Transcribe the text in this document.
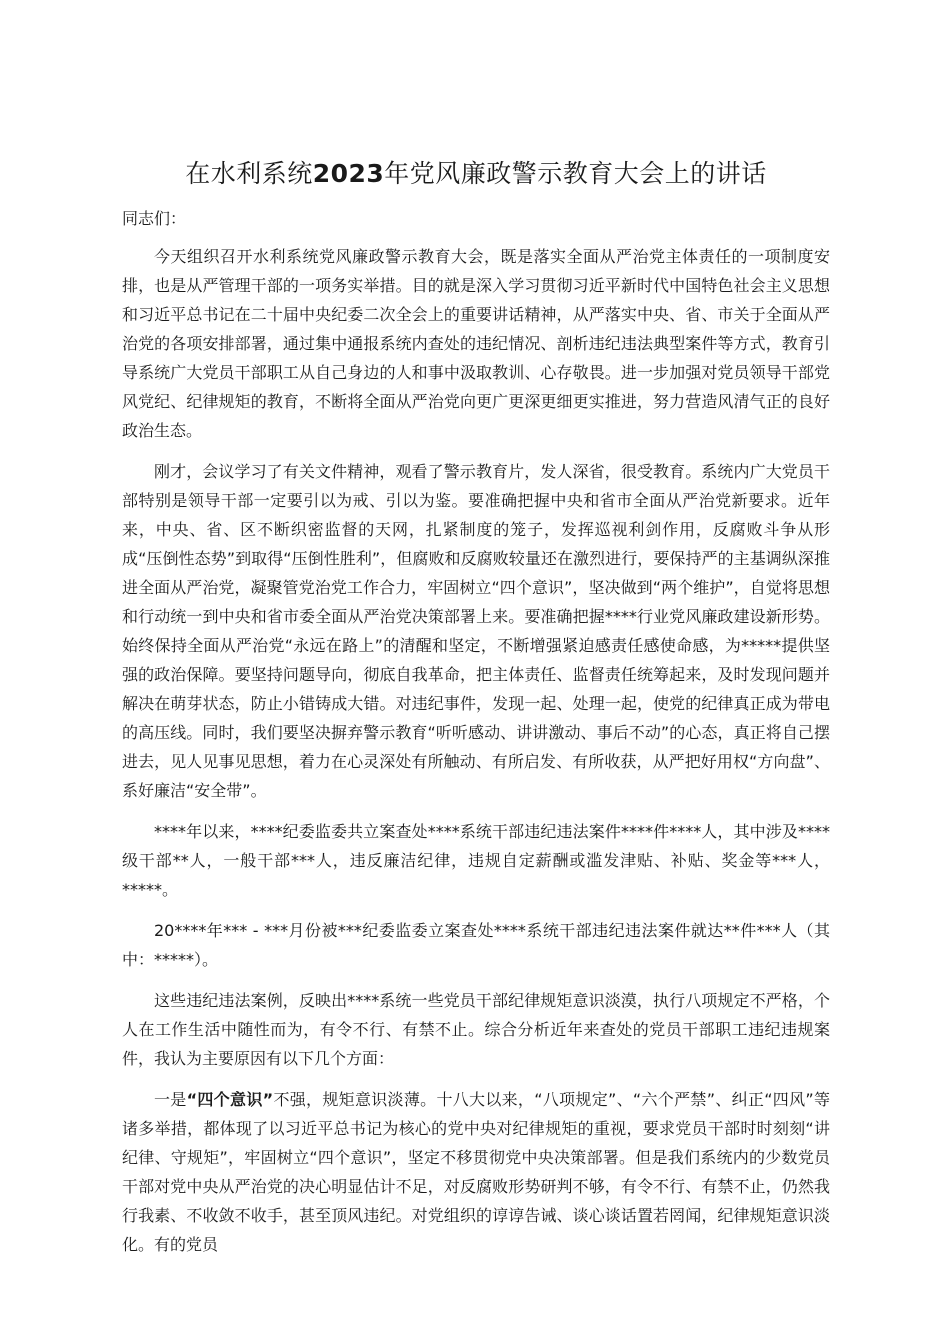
在水利系统2023年党风廉政警示教育大会上的讲话

同志们：

今天组织召开水利系统党风廉政警示教育大会，既是落实全面从严治党主体责任的一项制度安排，也是从严管理干部的一项务实举措。目的就是深入学习贯彻习近平新时代中国特色社会主义思想和习近平总书记在二十届中央纪委二次全会上的重要讲话精神，从严落实中央、省、市关于全面从严治党的各项安排部署，通过集中通报系统内查处的违纪情况、剖析违纪违法典型案件等方式，教育引导系统广大党员干部职工从自己身边的人和事中汲取教训、心存敬畏。进一步加强对党员领导干部党风党纪、纪律规矩的教育，不断将全面从严治党向更广更深更细更实推进，努力营造风清气正的良好政治生态。

刚才，会议学习了有关文件精神，观看了警示教育片，发人深省，很受教育。系统内广大党员干部特别是领导干部一定要引以为戒、引以为鉴。要准确把握中央和省市全面从严治党新要求。近年来，中央、省、区不断织密监督的天网，扎紧制度的笼子，发挥巡视利剑作用，反腐败斗争从形成“压倒性态势”到取得“压倒性胜利”，但腐败和反腐败较量还在激烈进行，要保持严的主基调纵深推进全面从严治党，凝聚管党治党工作合力，牢固树立“四个意识”，坚决做到“两个维护”，自觉将思想和行动统一到中央和省市委全面从严治党决策部署上来。要准确把握****行业党风廉政建设新形势。始终保持全面从严治党“永远在路上”的清醒和坚定，不断增强紧迫感责任感使命感，为*****提供坚强的政治保障。要坚持问题导向，彻底自我革命，把主体责任、监督责任统筹起来，及时发现问题并解决在萌芽状态，防止小错铸成大错。对违纪事件，发现一起、处理一起，使党的纪律真正成为带电的高压线。同时，我们要坚决摒弃警示教育“听听感动、讲讲激动、事后不动”的心态，真正将自己摆进去，见人见事见思想，着力在心灵深处有所触动、有所启发、有所收获，从严把好用权“方向盘”、系好廉洁“安全带”。

****年以来，****纪委监委共立案查处****系统干部违纪违法案件****件****人，其中涉及****级干部**人，一般干部***人，违反廉洁纪律，违规自定薪酬或滥发津贴、补贴、奖金等***人，*****。

20****年*** - ***月份被***纪委监委立案查处****系统干部违纪违法案件就达**件***人（其中：*****）。

这些违纪违法案例，反映出****系统一些党员干部纪律规矩意识淡漠，执行八项规定不严格，个人在工作生活中随性而为，有令不行、有禁不止。综合分析近年来查处的党员干部职工违纪违规案件，我认为主要原因有以下几个方面：

一是“四个意识”不强，规矩意识淡薄。十八大以来，“八项规定”、“六个严禁”、纠正“四风”等诸多举措，都体现了以习近平总书记为核心的党中央对纪律规矩的重视，要求党员干部时时刻刻“讲纪律、守规矩”，牢固树立“四个意识”，坚定不移贯彻党中央决策部署。但是我们系统内的少数党员干部对党中央从严治党的决心明显估计不足，对反腐败形势研判不够，有令不行、有禁不止，仍然我行我素、不收敛不收手，甚至顶风违纪。对党组织的谆谆告诫、谈心谈话置若罔闻，纪律规矩意识淡化。有的党员
